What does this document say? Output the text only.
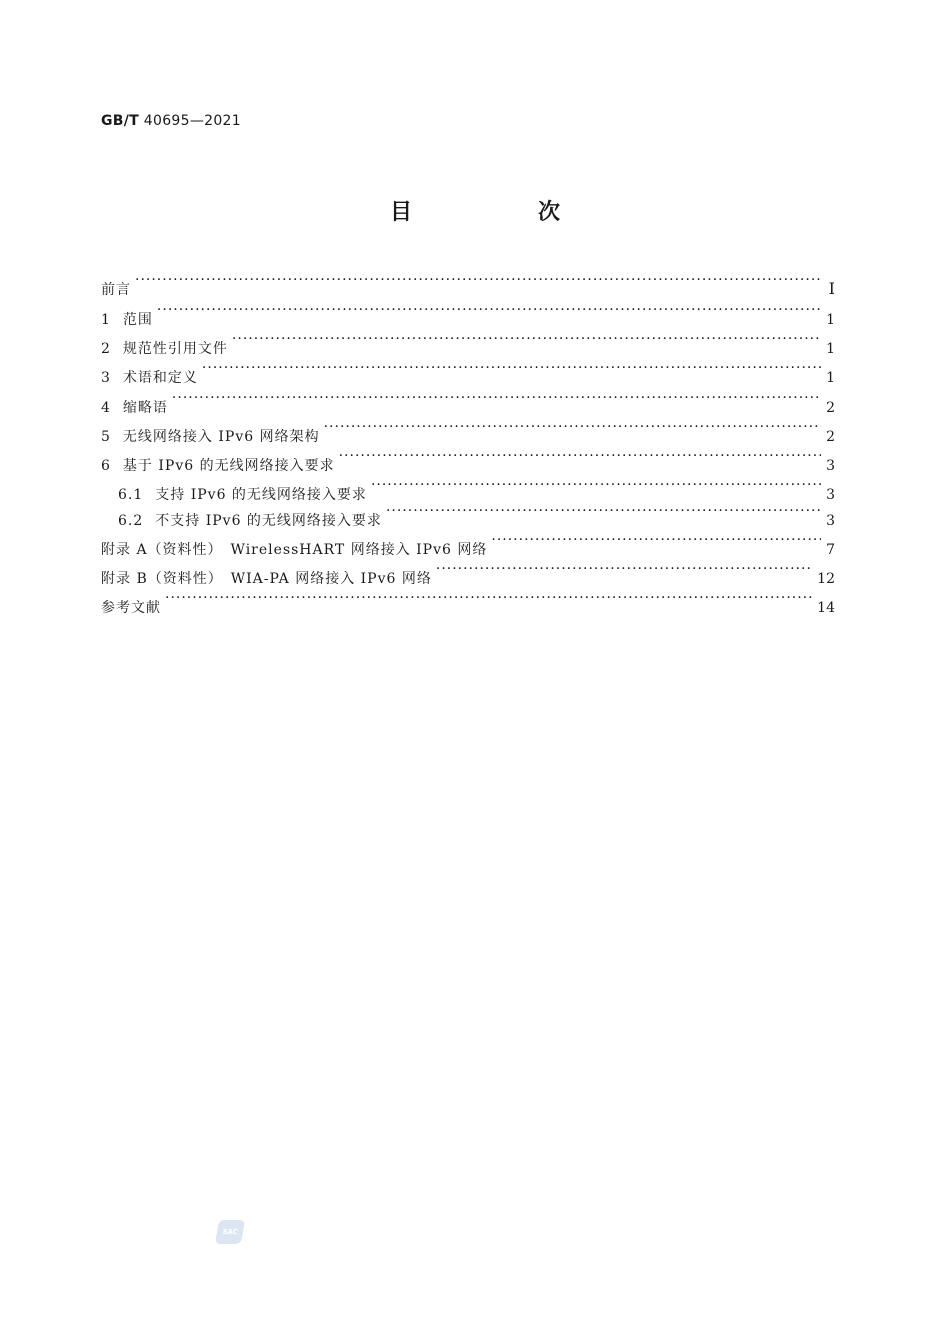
GB/T 40695—2021
目　次
前言 ·····	Ⅰ
1 范围 ·····	1
2 规范性引用文件 ·····	1
3 术语和定义 ·····	1
4 缩略语 ·····	2
5 无线网络接入 IPv6 网络架构 ·····	2
6 基于 IPv6 的无线网络接入要求 ·····	3
6.1 支持 IPv6 的无线网络接入要求 ·····	3
6.2 不支持 IPv6 的无线网络接入要求 ·····	3
附录 A（资料性）　WirelessHART 网络接入 IPv6 网络 ·····	7
附录 B（资料性）　WIA-PA 网络接入 IPv6 网络 ·····	12
参考文献 ·····	14
SAC
